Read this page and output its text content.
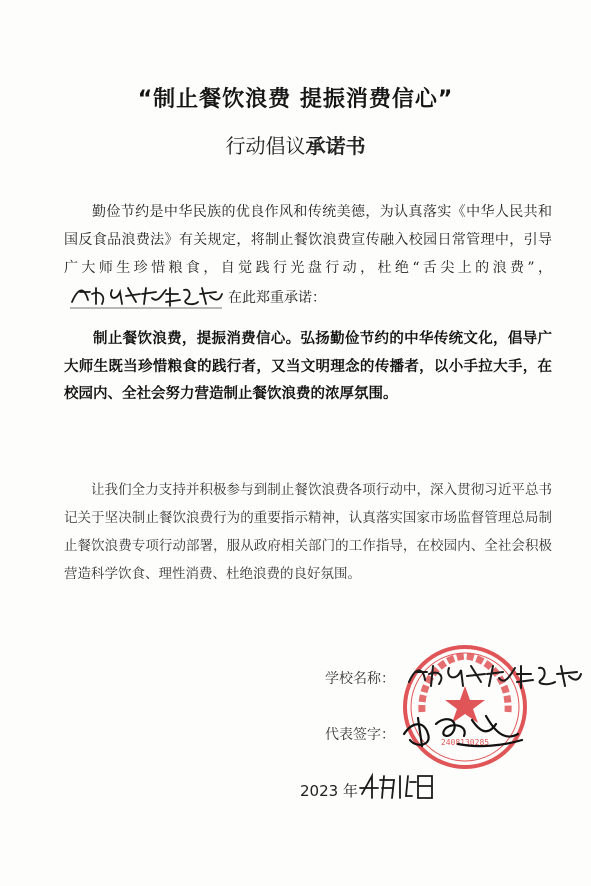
“制止餐饮浪费 提振消费信心”
行动倡议承诺书
勤俭节约是中华民族的优良作风和传统美德，为认真落实《中华人民共和国反食品浪费法》有关规定，将制止餐饮浪费宣传融入校园日常管理中，引导广大师生珍惜粮食，自觉践行光盘行动，杜绝“舌尖上的浪费”，
在此郑重承诺：
制止餐饮浪费，提振消费信心。弘扬勤俭节约的中华传统文化，倡导广大师生既当珍惜粮食的践行者，又当文明理念的传播者，以小手拉大手，在校园内、全社会努力营造制止餐饮浪费的浓厚氛围。
让我们全力支持并积极参与到制止餐饮浪费各项行动中，深入贯彻习近平总书记关于坚决制止餐饮浪费行为的重要指示精神，认真落实国家市场监督管理总局制止餐饮浪费专项行动部署，服从政府相关部门的工作指导，在校园内、全社会积极营造科学饮食、理性消费、杜绝浪费的良好氛围。
学校名称：
代表签字：	2408130285
2023 年
